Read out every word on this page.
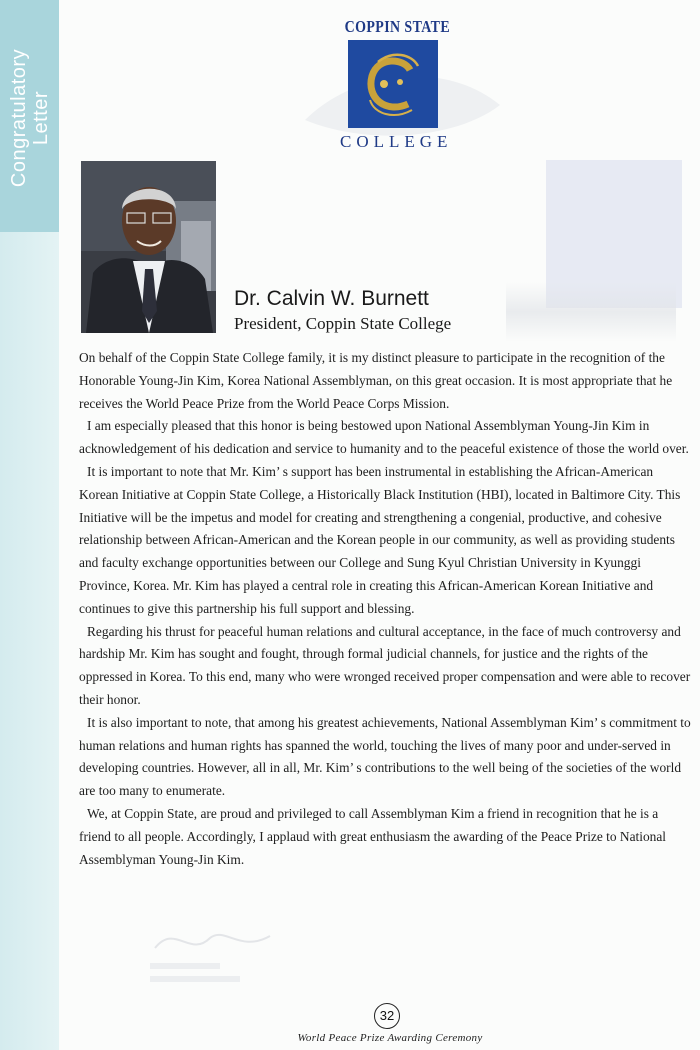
Congratulatory
Letter
COPPIN STATE
COLLEGE
Dr. Calvin W. Burnett
President, Coppin State College

On behalf of the Coppin State College family, it is my distinct pleasure to participate in the recognition of the Honorable Young-Jin Kim, Korea National Assemblyman, on this great occasion. It is most appropriate that he receives the World Peace Prize from the World Peace Corps Mission.

I am especially pleased that this honor is being bestowed upon National Assemblyman Young-Jin Kim in acknowledgement of his dedication and service to humanity and to the peaceful existence of those the world over.

It is important to note that Mr. Kim’ s support has been instrumental in establishing the African-American Korean Initiative at Coppin State College, a Historically Black Institution (HBI), located in Baltimore City. This Initiative will be the impetus and model for creating and strengthening a congenial, productive, and cohesive relationship between African-American and the Korean people in our community, as well as providing students and faculty exchange opportunities between our College and Sung Kyul Christian University in Kyunggi Province, Korea. Mr. Kim has played a central role in creating this African-American Korean Initiative and continues to give this partnership his full support and blessing.

Regarding his thrust for peaceful human relations and cultural acceptance, in the face of much controversy and hardship Mr. Kim has sought and fought, through formal judicial channels, for justice and the rights of the oppressed in Korea. To this end, many who were wronged received proper compensation and were able to recover their honor.

It is also important to note, that among his greatest achievements, National Assemblyman Kim’ s commitment to human relations and human rights has spanned the world, touching the lives of many poor and under-served in developing countries. However, all in all, Mr. Kim’ s contributions to the well being of the societies of the world are too many to enumerate.

We, at Coppin State, are proud and privileged to call Assemblyman Kim a friend in recognition that he is a friend to all people. Accordingly, I applaud with great enthusiasm the awarding of the Peace Prize to National Assemblyman Young-Jin Kim.

32
World Peace Prize Awarding Ceremony
